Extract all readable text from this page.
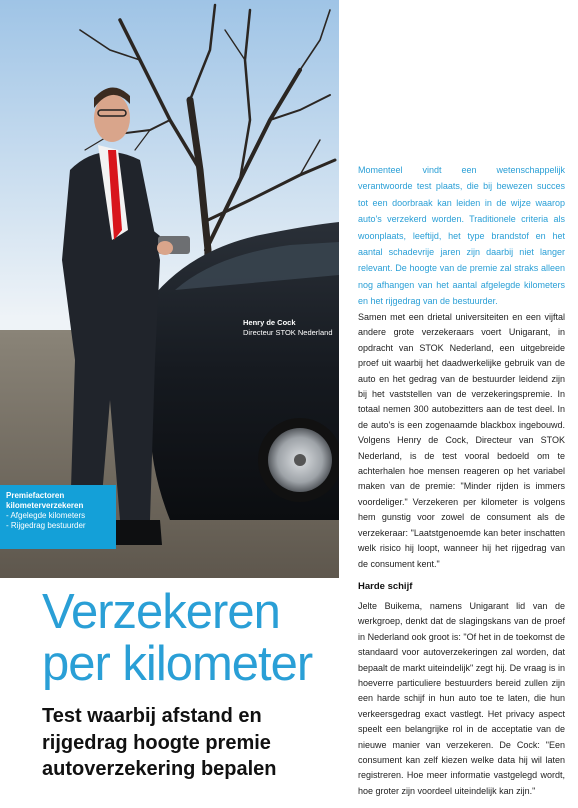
Henry de Cock
Directeur STOK Nederland
Premiefactoren
kilometerverzekeren
- Afgelegde kilometers
- Rijgedrag bestuurder
Momenteel vindt een wetenschappelijk verantwoorde test plaats, die bij bewezen succes tot een doorbraak kan leiden in de wijze waarop auto's verzekerd worden. Traditionele criteria als woonplaats, leeftijd, het type brandstof en het aantal schadevrije jaren zijn daarbij niet langer relevant. De hoogte van de premie zal straks alleen nog afhangen van het aantal afgelegde kilometers en het rijgedrag van de bestuurder.
Samen met een drietal universiteiten en een vijftal andere grote verzekeraars voert Unigarant, in opdracht van STOK Nederland, een uitgebreide proef uit waarbij het daadwerkelijke gebruik van de auto en het gedrag van de bestuurder leidend zijn bij het vaststellen van de verzekeringspremie. In totaal nemen 300 autobezitters aan de test deel. In de auto's is een zogenaamde blackbox ingebouwd. Volgens Henry de Cock, Directeur van STOK Nederland, is de test vooral bedoeld om te achterhalen hoe mensen reageren op het variabel maken van de premie: "Minder rijden is immers voordeliger." Verzekeren per kilometer is volgens hem gunstig voor zowel de consument als de verzekeraar: "Laatstgenoemde kan beter inschatten welk risico hij loopt, wanneer hij het rijgedrag van de consument kent."
Harde schijf
Jelte Buikema, namens Unigarant lid van de werkgroep, denkt dat de slagingskans van de proef in Nederland ook groot is: "Of het in de toekomst de standaard voor autoverzekeringen zal worden, dat bepaalt de markt uiteindelijk" zegt hij. De vraag is in hoeverre particuliere bestuurders bereid zullen zijn een harde schijf in hun auto toe te laten, die hun verkeersgedrag exact vastlegt. Het privacy aspect speelt een belangrijke rol in de acceptatie van de nieuwe manier van verzekeren. De Cock: "Een consument kan zelf kiezen welke data hij wil laten registreren. Hoe meer informatie vastgelegd wordt, hoe groter zijn voordeel uiteindelijk kan zijn."
Verzekeren per kilometer
Test waarbij afstand en rijgedrag hoogte premie autoverzekering bepalen
